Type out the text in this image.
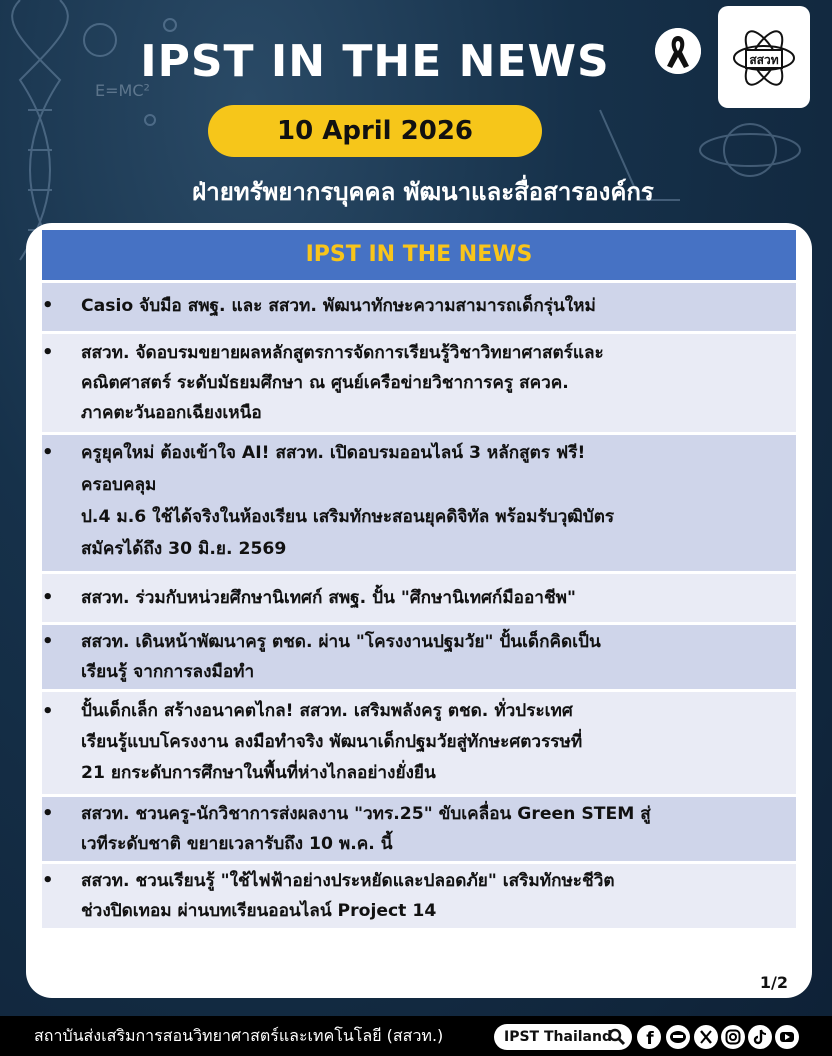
E=MC²
IPST IN THE NEWS	สสวท
10 April 2026
ฝ่ายทรัพยากรบุคคล พัฒนาและสื่อสารองค์กร
IPST IN THE NEWS
• Casio จับมือ สพฐ. และ สสวท. พัฒนาทักษะความสามารถเด็กรุ่นใหม่
• สสวท. จัดอบรมขยายผลหลักสูตรการจัดการเรียนรู้วิชาวิทยาศาสตร์และ
คณิตศาสตร์ ระดับมัธยมศึกษา ณ ศูนย์เครือข่ายวิชาการครู สควค.
ภาคตะวันออกเฉียงเหนือ
• ครูยุคใหม่ ต้องเข้าใจ AI! สสวท. เปิดอบรมออนไลน์ 3 หลักสูตร ฟรี!
ครอบคลุม
ป.4 ม.6 ใช้ได้จริงในห้องเรียน เสริมทักษะสอนยุคดิจิทัล พร้อมรับวุฒิบัตร
สมัครได้ถึง 30 มิ.ย. 2569
• สสวท. ร่วมกับหน่วยศึกษานิเทศก์ สพฐ. ปั้น "ศึกษานิเทศก์มืออาชีพ"
• สสวท. เดินหน้าพัฒนาครู ตชด. ผ่าน "โครงงานปฐมวัย" ปั้นเด็กคิดเป็น
เรียนรู้ จากการลงมือทำ
• ปั้นเด็กเล็ก สร้างอนาคตไกล! สสวท. เสริมพลังครู ตชด. ทั่วประเทศ
เรียนรู้แบบโครงงาน ลงมือทำจริง พัฒนาเด็กปฐมวัยสู่ทักษะศตวรรษที่
21 ยกระดับการศึกษาในพื้นที่ห่างไกลอย่างยั่งยืน
• สสวท. ชวนครู-นักวิชาการส่งผลงาน "วทร.25" ขับเคลื่อน Green STEM สู่
เวทีระดับชาติ ขยายเวลารับถึง 10 พ.ค. นี้
• สสวท. ชวนเรียนรู้ "ใช้ไฟฟ้าอย่างประหยัดและปลอดภัย" เสริมทักษะชีวิต
ช่วงปิดเทอม ผ่านบทเรียนออนไลน์ Project 14
1/2
สถาบันส่งเสริมการสอนวิทยาศาสตร์และเทคโนโลยี (สสวท.)	IPST Thailand	f
